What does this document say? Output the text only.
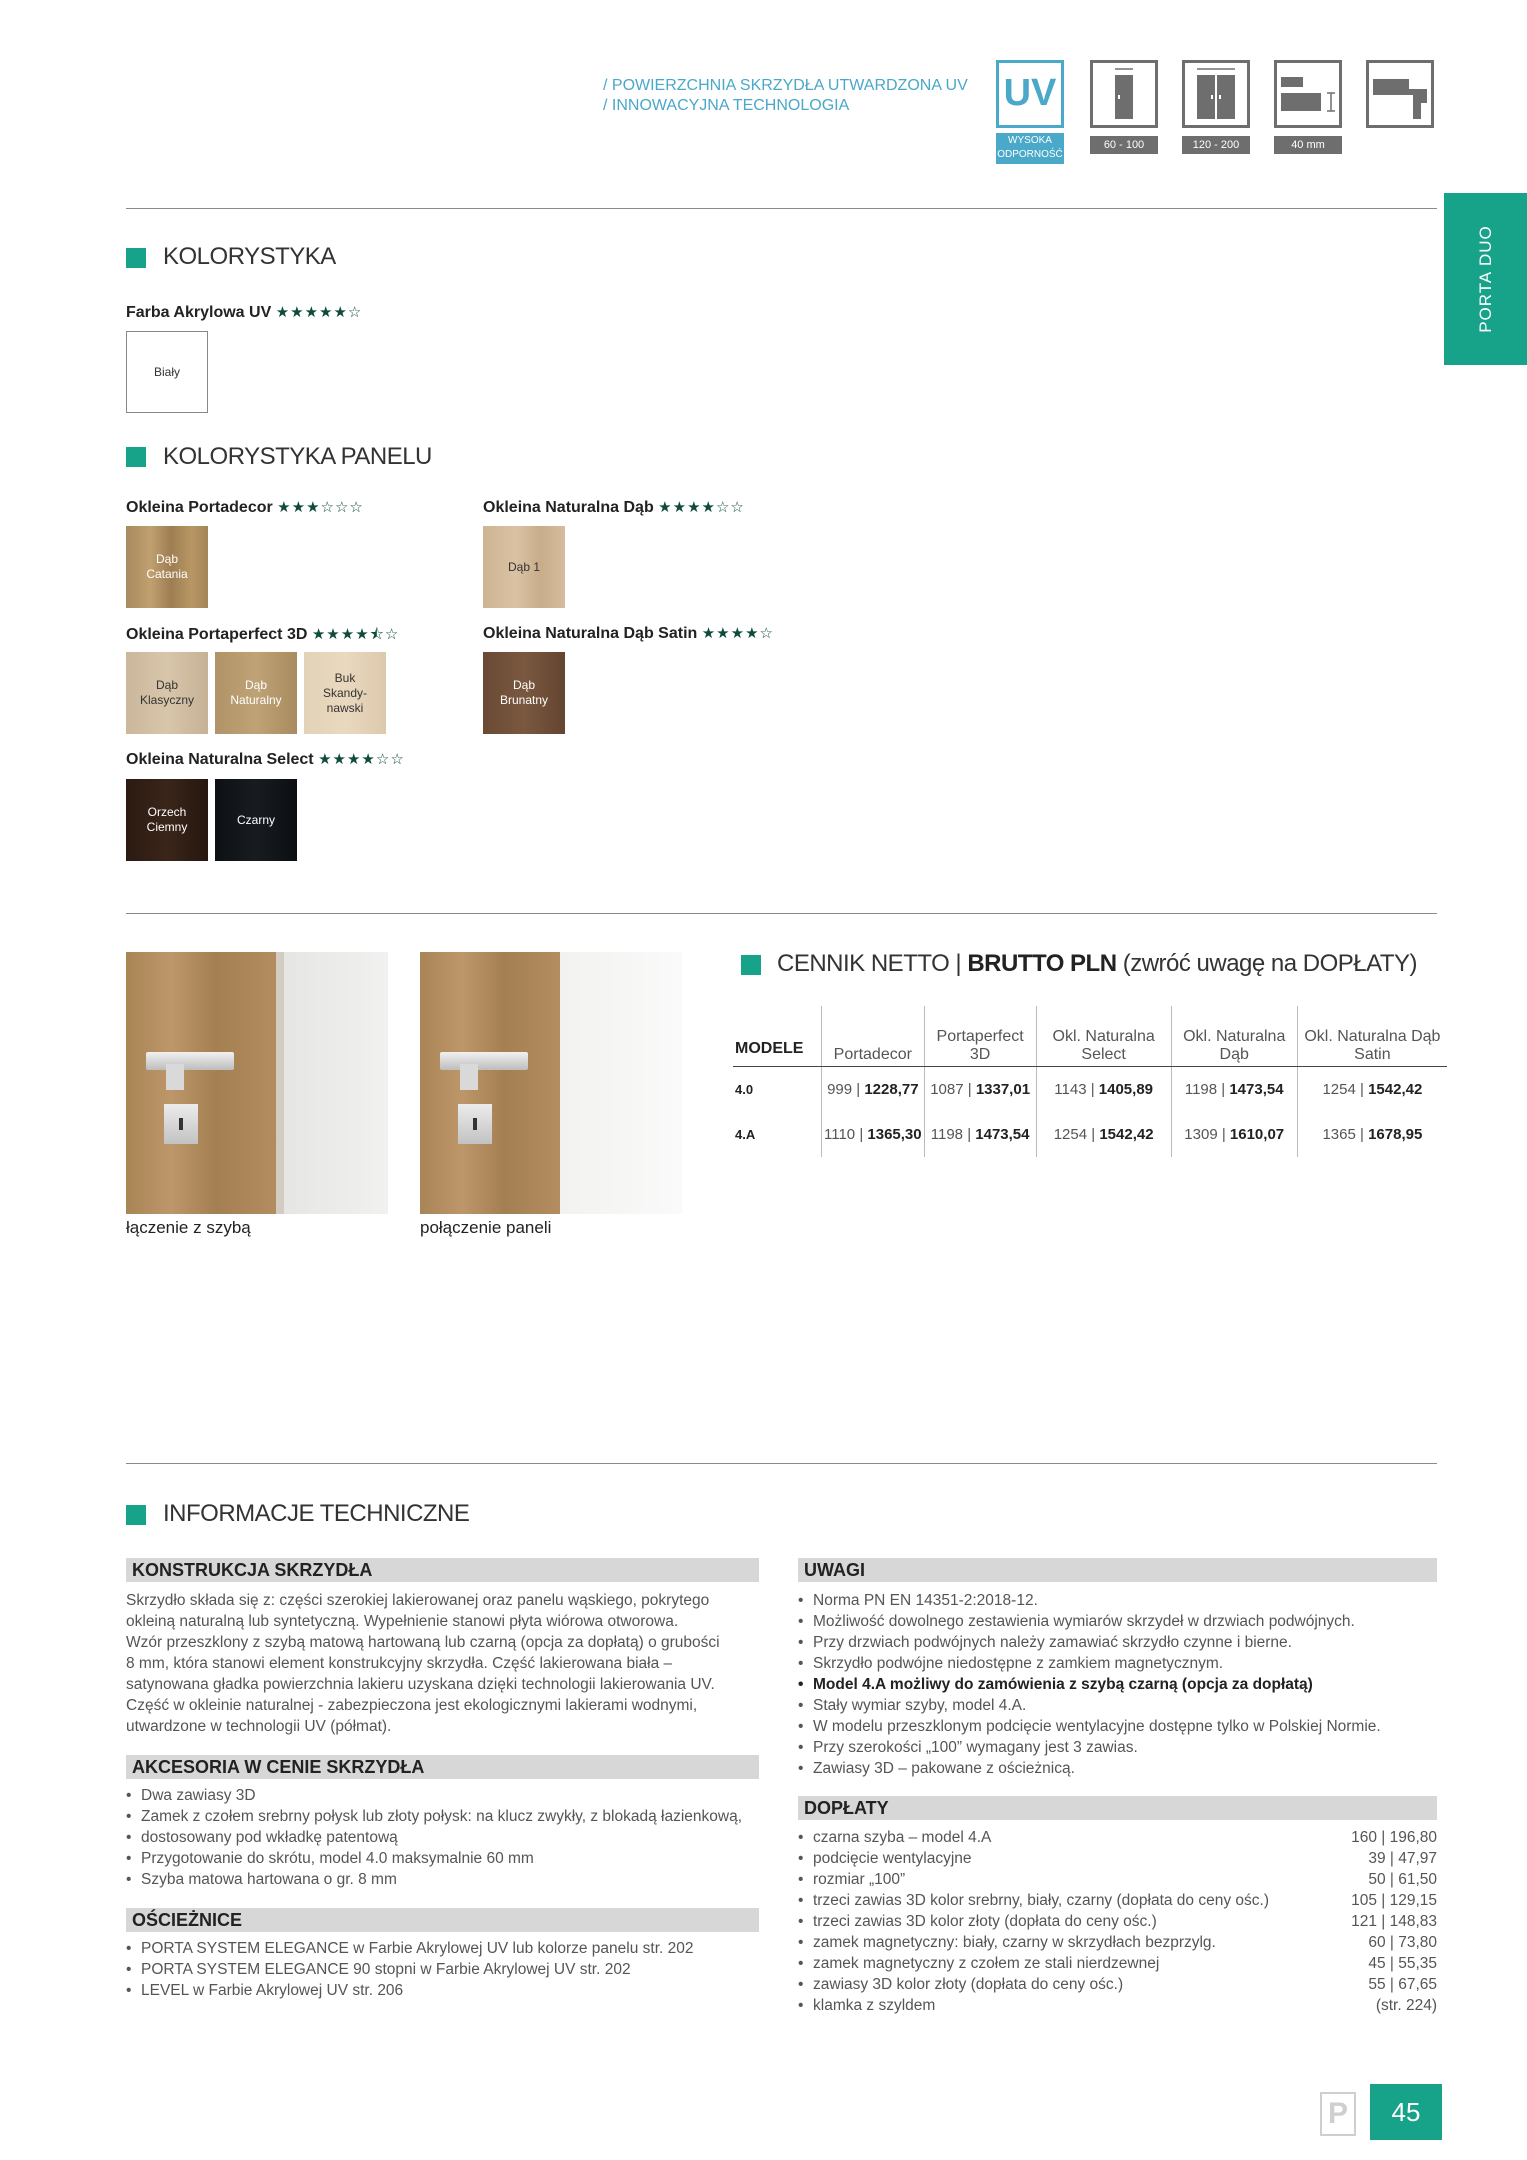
/ POWIERZCHNIA SKRZYDŁA UTWARDZONA UV
/ INNOWACYJNA TECHNOLOGIA	UV
WYSOKA ODPORNOŚĆ
60 - 100	120 - 200	40 mm
PORTA DUO
KOLORYSTYKA
Farba Akrylowa UV ★★★★★☆
Biały
KOLORYSTYKA PANELU
Okleina Portadecor ★★★☆☆☆
Dąb Catania
Okleina Naturalna Dąb ★★★★☆☆
Dąb 1
Okleina Portaperfect 3D ★★★★⯪☆
Dąb Klasyczny
Dąb Naturalny
Buk Skandy-nawski
Okleina Naturalna Dąb Satin ★★★★☆
Dąb Brunatny
Okleina Naturalna Select ★★★★☆☆
Orzech Ciemny
Czarny
łączenie z szybą	połączenie paneli
CENNIK NETTO | BRUTTO PLN (zwróć uwagę na DOPŁATY)
MODELE	Portadecor	Portaperfect 3D	Okl. Naturalna Select	Okl. Naturalna Dąb	Okl. Naturalna Dąb Satin
4.0	999 | 1228,77	1087 | 1337,01	1143 | 1405,89	1198 | 1473,54	1254 | 1542,42
4.A	1110 | 1365,30	1198 | 1473,54	1254 | 1542,42	1309 | 1610,07	1365 | 1678,95
INFORMACJE TECHNICZNE
KONSTRUKCJA SKRZYDŁA
Skrzydło składa się z: części szerokiej lakierowanej oraz panelu wąskiego, pokrytego
okleiną naturalną lub syntetyczną. Wypełnienie stanowi płyta wiórowa otworowa.
Wzór przeszklony z szybą matową hartowaną lub czarną (opcja za dopłatą) o grubości
8 mm, która stanowi element konstrukcyjny skrzydła. Część lakierowana biała –
satynowana gładka powierzchnia lakieru uzyskana dzięki technologii lakierowania UV.
Część w okleinie naturalnej - zabezpieczona jest ekologicznymi lakierami wodnymi,
utwardzone w technologii UV (półmat).
AKCESORIA W CENIE SKRZYDŁA
• Dwa zawiasy 3D
• Zamek z czołem srebrny połysk lub złoty połysk: na klucz zwykły, z blokadą łazienkową,
• dostosowany pod wkładkę patentową
• Przygotowanie do skrótu, model 4.0 maksymalnie 60 mm
• Szyba matowa hartowana o gr. 8 mm
OŚCIEŻNICE
• PORTA SYSTEM ELEGANCE w Farbie Akrylowej UV lub kolorze panelu str. 202
• PORTA SYSTEM ELEGANCE 90 stopni w Farbie Akrylowej UV str. 202
• LEVEL w Farbie Akrylowej UV str. 206
UWAGI
• Norma PN EN 14351-2:2018-12.
• Możliwość dowolnego zestawienia wymiarów skrzydeł w drzwiach podwójnych.
• Przy drzwiach podwójnych należy zamawiać skrzydło czynne i bierne.
• Skrzydło podwójne niedostępne z zamkiem magnetycznym.
• Model 4.A możliwy do zamówienia z szybą czarną (opcja za dopłatą)
• Stały wymiar szyby, model 4.A.
• W modelu przeszklonym podcięcie wentylacyjne dostępne tylko w Polskiej Normie.
• Przy szerokości „100” wymagany jest 3 zawias.
• Zawiasy 3D – pakowane z ościeżnicą.
DOPŁATY
• czarna szyba – model 4.A	160 | 196,80
• podcięcie wentylacyjne	39 | 47,97
• rozmiar „100”	50 | 61,50
• trzeci zawias 3D kolor srebrny, biały, czarny (dopłata do ceny ośc.)	105 | 129,15
• trzeci zawias 3D kolor złoty (dopłata do ceny ośc.)	121 | 148,83
• zamek magnetyczny: biały, czarny w skrzydłach bezprzylg.	60 | 73,80
• zamek magnetyczny z czołem ze stali nierdzewnej	45 | 55,35
• zawiasy 3D kolor złoty (dopłata do ceny ośc.)	55 | 67,65
• klamka z szyldem	(str. 224)
P	45
